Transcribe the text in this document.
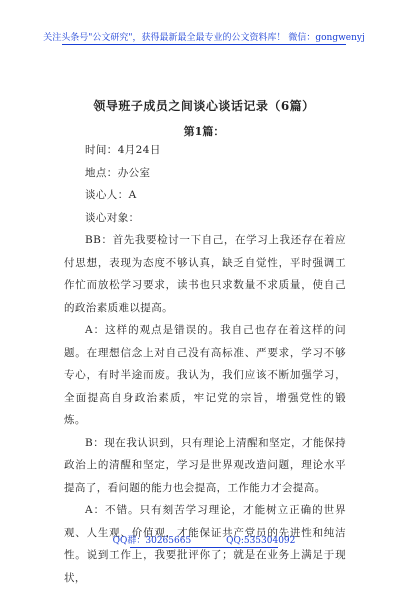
关注头条号"公文研究"，获得最新最全最专业的公文资料库！ 微信：gongwenyj
领导班子成员之间谈心谈话记录（6篇）
第1篇：

时间：4月24日

地点：办公室

谈心人：A

谈心对象：

BB：首先我要检讨一下自己，在学习上我还存在着应付思想，表现为态度不够认真，缺乏自觉性，平时强调工作忙而放松学习要求，读书也只求数量不求质量，使自己的政治素质难以提高。

A：这样的观点是错误的。我自己也存在着这样的问题。在理想信念上对自己没有高标准、严要求，学习不够专心，有时半途而废。我认为，我们应该不断加强学习，全面提高自身政治素质，牢记党的宗旨，增强党性的锻炼。

B：现在我认识到，只有理论上清醒和坚定，才能保持政治上的清醒和坚定，学习是世界观改造问题，理论水平提高了，看问题的能力也会提高，工作能力才会提高。

A：不错。只有刻苦学习理论，才能树立正确的世界观、人生观、价值观，才能保证共产党员的先进性和纯洁性。说到工作上，我要批评你了；就是在业务上满足于现状，

QQ群：30265665	QQ:535304092
